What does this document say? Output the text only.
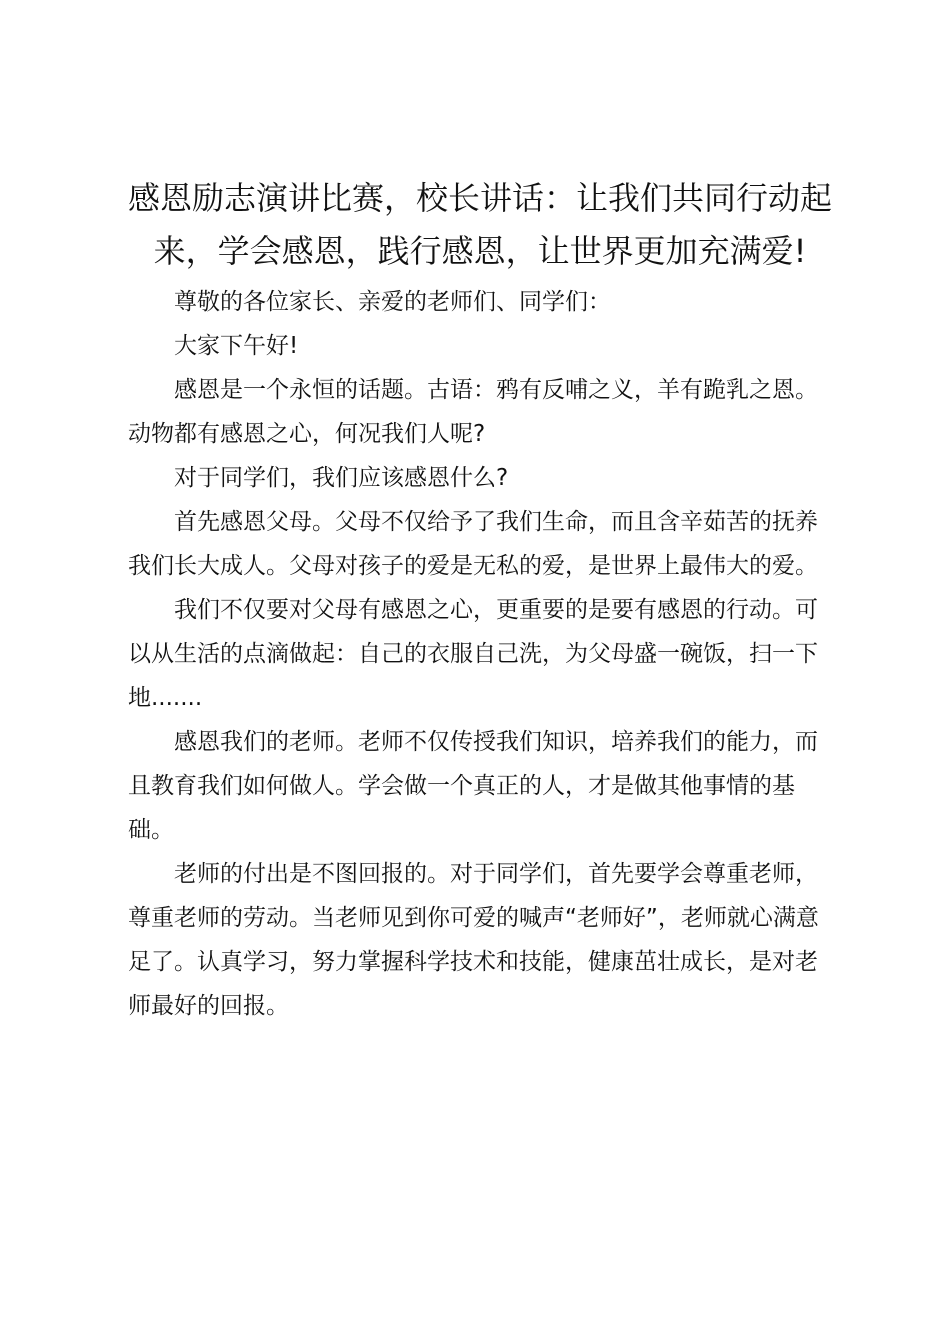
感恩励志演讲比赛，校长讲话：让我们共同行动起来，学会感恩，践行感恩，让世界更加充满爱!

尊敬的各位家长、亲爱的老师们、同学们：

大家下午好!

感恩是一个永恒的话题。古语：鸦有反哺之义，羊有跪乳之恩。动物都有感恩之心，何况我们人呢?

对于同学们，我们应该感恩什么?

首先感恩父母。父母不仅给予了我们生命，而且含辛茹苦的抚养我们长大成人。父母对孩子的爱是无私的爱，是世界上最伟大的爱。

我们不仅要对父母有感恩之心，更重要的是要有感恩的行动。可以从生活的点滴做起：自己的衣服自己洗，为父母盛一碗饭，扫一下地.......

感恩我们的老师。老师不仅传授我们知识，培养我们的能力，而且教育我们如何做人。学会做一个真正的人，才是做其他事情的基础。

老师的付出是不图回报的。对于同学们，首先要学会尊重老师，尊重老师的劳动。当老师见到你可爱的喊声“老师好”，老师就心满意足了。认真学习，努力掌握科学技术和技能，健康茁壮成长，是对老师最好的回报。
